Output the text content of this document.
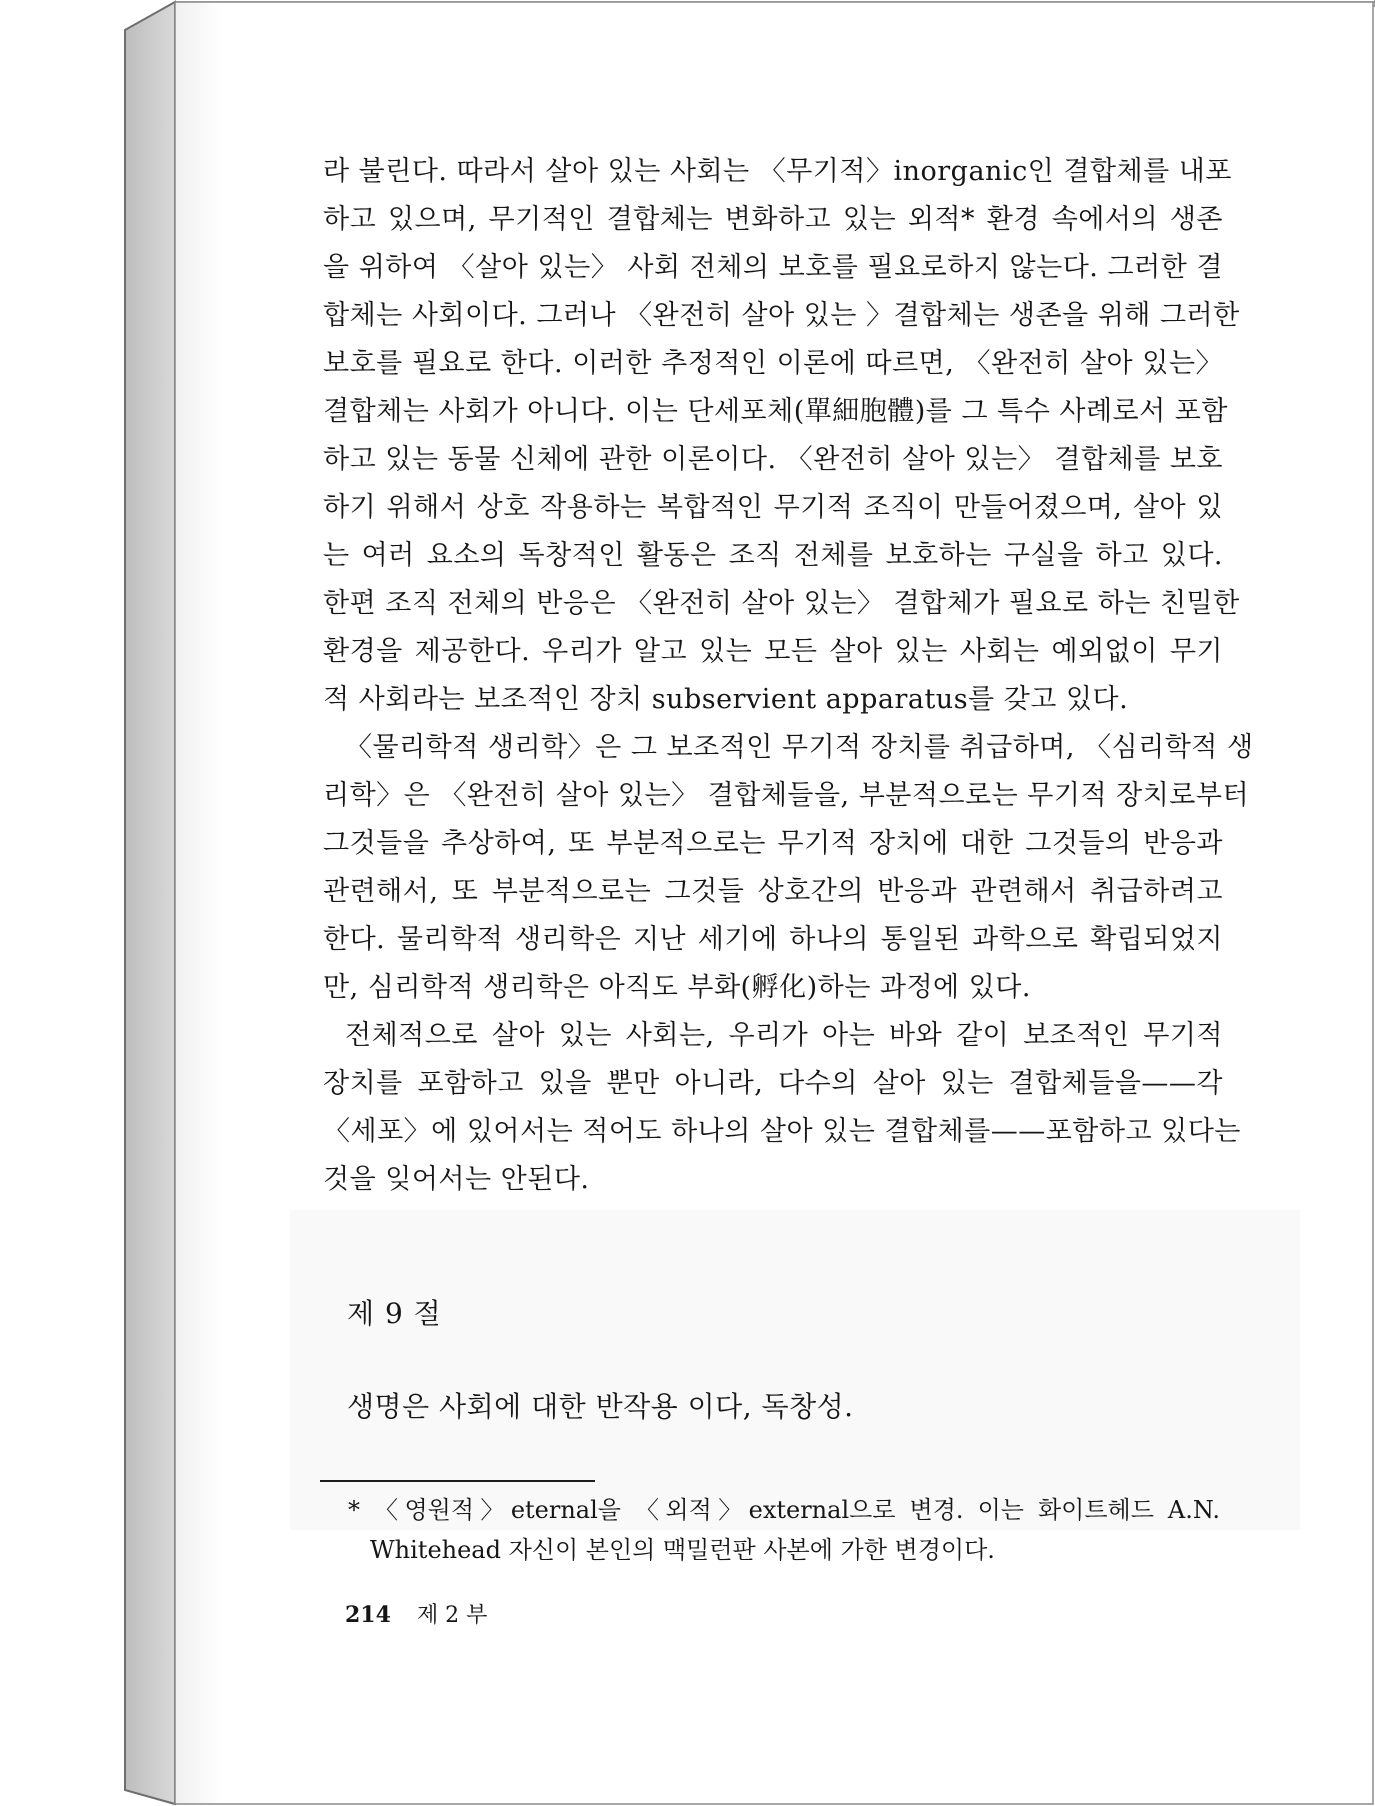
라 불린다. 따라서 살아 있는 사회는 〈무기적〉inorganic인 결합체를 내포
하고 있으며, 무기적인 결합체는 변화하고 있는 외적* 환경 속에서의 생존
을 위하여 〈살아 있는〉 사회 전체의 보호를 필요로하지 않는다. 그러한 결
합체는 사회이다. 그러나 〈완전히 살아 있는 〉결합체는 생존을 위해 그러한
보호를 필요로 한다. 이러한 추정적인 이론에 따르면, 〈완전히 살아 있는〉
결합체는 사회가 아니다. 이는 단세포체(單細胞體)를 그 특수 사례로서 포함
하고 있는 동물 신체에 관한 이론이다. 〈완전히 살아 있는〉 결합체를 보호
하기 위해서 상호 작용하는 복합적인 무기적 조직이 만들어졌으며, 살아 있
는 여러 요소의 독창적인 활동은 조직 전체를 보호하는 구실을 하고 있다.
한편 조직 전체의 반응은 〈완전히 살아 있는〉 결합체가 필요로 하는 친밀한
환경을 제공한다. 우리가 알고 있는 모든 살아 있는 사회는 예외없이 무기
적 사회라는 보조적인 장치 subservient apparatus를 갖고 있다.
〈물리학적 생리학〉은 그 보조적인 무기적 장치를 취급하며, 〈심리학적 생
리학〉은 〈완전히 살아 있는〉 결합체들을, 부분적으로는 무기적 장치로부터
그것들을 추상하여, 또 부분적으로는 무기적 장치에 대한 그것들의 반응과
관련해서, 또 부분적으로는 그것들 상호간의 반응과 관련해서 취급하려고
한다. 물리학적 생리학은 지난 세기에 하나의 통일된 과학으로 확립되었지
만, 심리학적 생리학은 아직도 부화(孵化)하는 과정에 있다.
전체적으로 살아 있는 사회는, 우리가 아는 바와 같이 보조적인 무기적
장치를 포함하고 있을 뿐만 아니라, 다수의 살아 있는 결합체들을——각
〈세포〉에 있어서는 적어도 하나의 살아 있는 결합체를——포함하고 있다는
것을 잊어서는 안된다.
제 9 절
생명은 사회에 대한 반작용 이다, 독창성.
* 〈영원적〉eternal을 〈외적〉external으로 변경. 이는 화이트헤드 A.N.
Whitehead 자신이 본인의 맥밀런판 사본에 가한 변경이다.
214 제 2 부
